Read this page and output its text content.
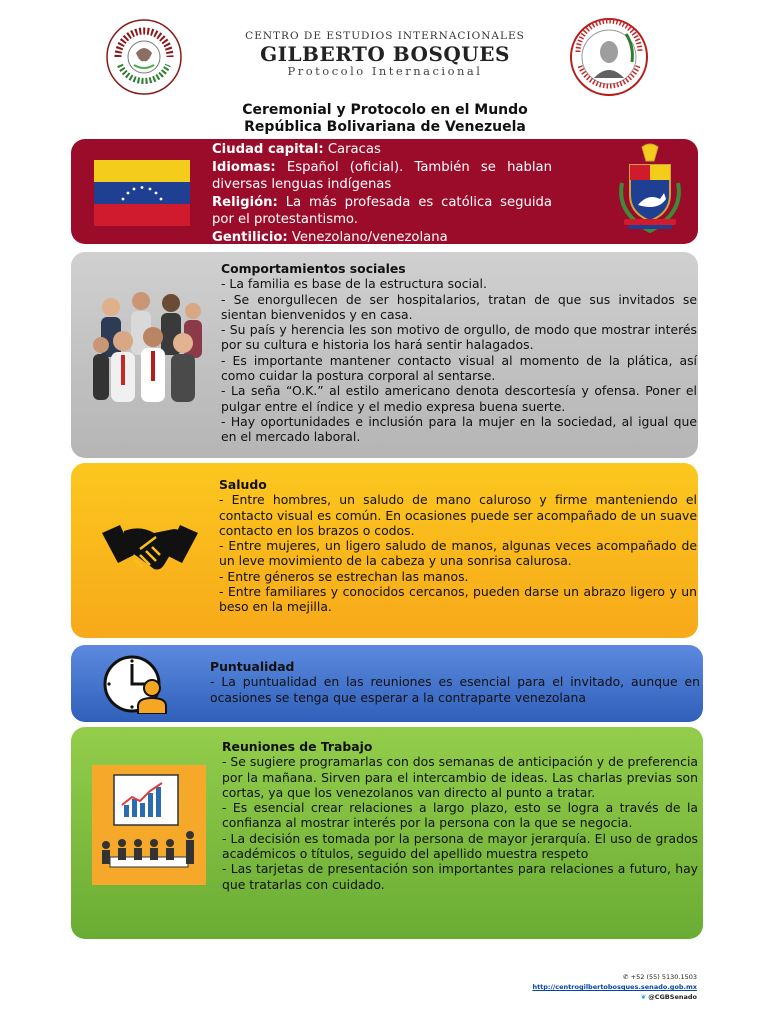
CENTRO DE ESTUDIOS INTERNACIONALES
GILBERTO BOSQUES
Protocolo Internacional
Ceremonial y Protocolo en el Mundo
República Bolivariana de Venezuela
Ciudad capital: Caracas
Idiomas: Español (oficial). También se hablan diversas lenguas indígenas
Religión: La más profesada es católica seguida por el protestantismo.
Gentilicio: Venezolano/venezolana
Comportamientos sociales
- La familia es base de la estructura social.
- Se enorgullecen de ser hospitalarios, tratan de que sus invitados se sientan bienvenidos y en casa.
- Su país y herencia les son motivo de orgullo, de modo que mostrar interés por su cultura e historia los hará sentir halagados.
- Es importante mantener contacto visual al momento de la plática, así como cuidar la postura corporal al sentarse.
- La seña “O.K.” al estilo americano denota descortesía y ofensa. Poner el pulgar entre el índice y el medio expresa buena suerte.
- Hay oportunidades e inclusión para la mujer en la sociedad, al igual que en el mercado laboral.
Saludo
- Entre hombres, un saludo de mano caluroso y firme manteniendo el contacto visual es común. En ocasiones puede ser acompañado de un suave contacto en los brazos o codos.
- Entre mujeres, un ligero saludo de manos, algunas veces acompañado de un leve movimiento de la cabeza y una sonrisa calurosa.
- Entre géneros se estrechan las manos.
- Entre familiares y conocidos cercanos, pueden darse un abrazo ligero y un beso en la mejilla.
Puntualidad
- La puntualidad en las reuniones es esencial para el invitado, aunque en ocasiones se tenga que esperar a la contraparte venezolana
Reuniones de Trabajo
- Se sugiere programarlas con dos semanas de anticipación y de preferencia por la mañana. Sirven para el intercambio de ideas. Las charlas previas son cortas, ya que los venezolanos van directo al punto a tratar.
- Es esencial crear relaciones a largo plazo, esto se logra a través de la confianza al mostrar interés por la persona con la que se negocia.
- La decisión es tomada por la persona de mayor jerarquía. El uso de grados académicos o títulos, seguido del apellido muestra respeto
- Las tarjetas de presentación son importantes para relaciones a futuro, hay que tratarlas con cuidado.
✆ +52 (55) 5130.1503
http://centrogilbertobosques.senado.gob.mx
❦ @CGBSenado
